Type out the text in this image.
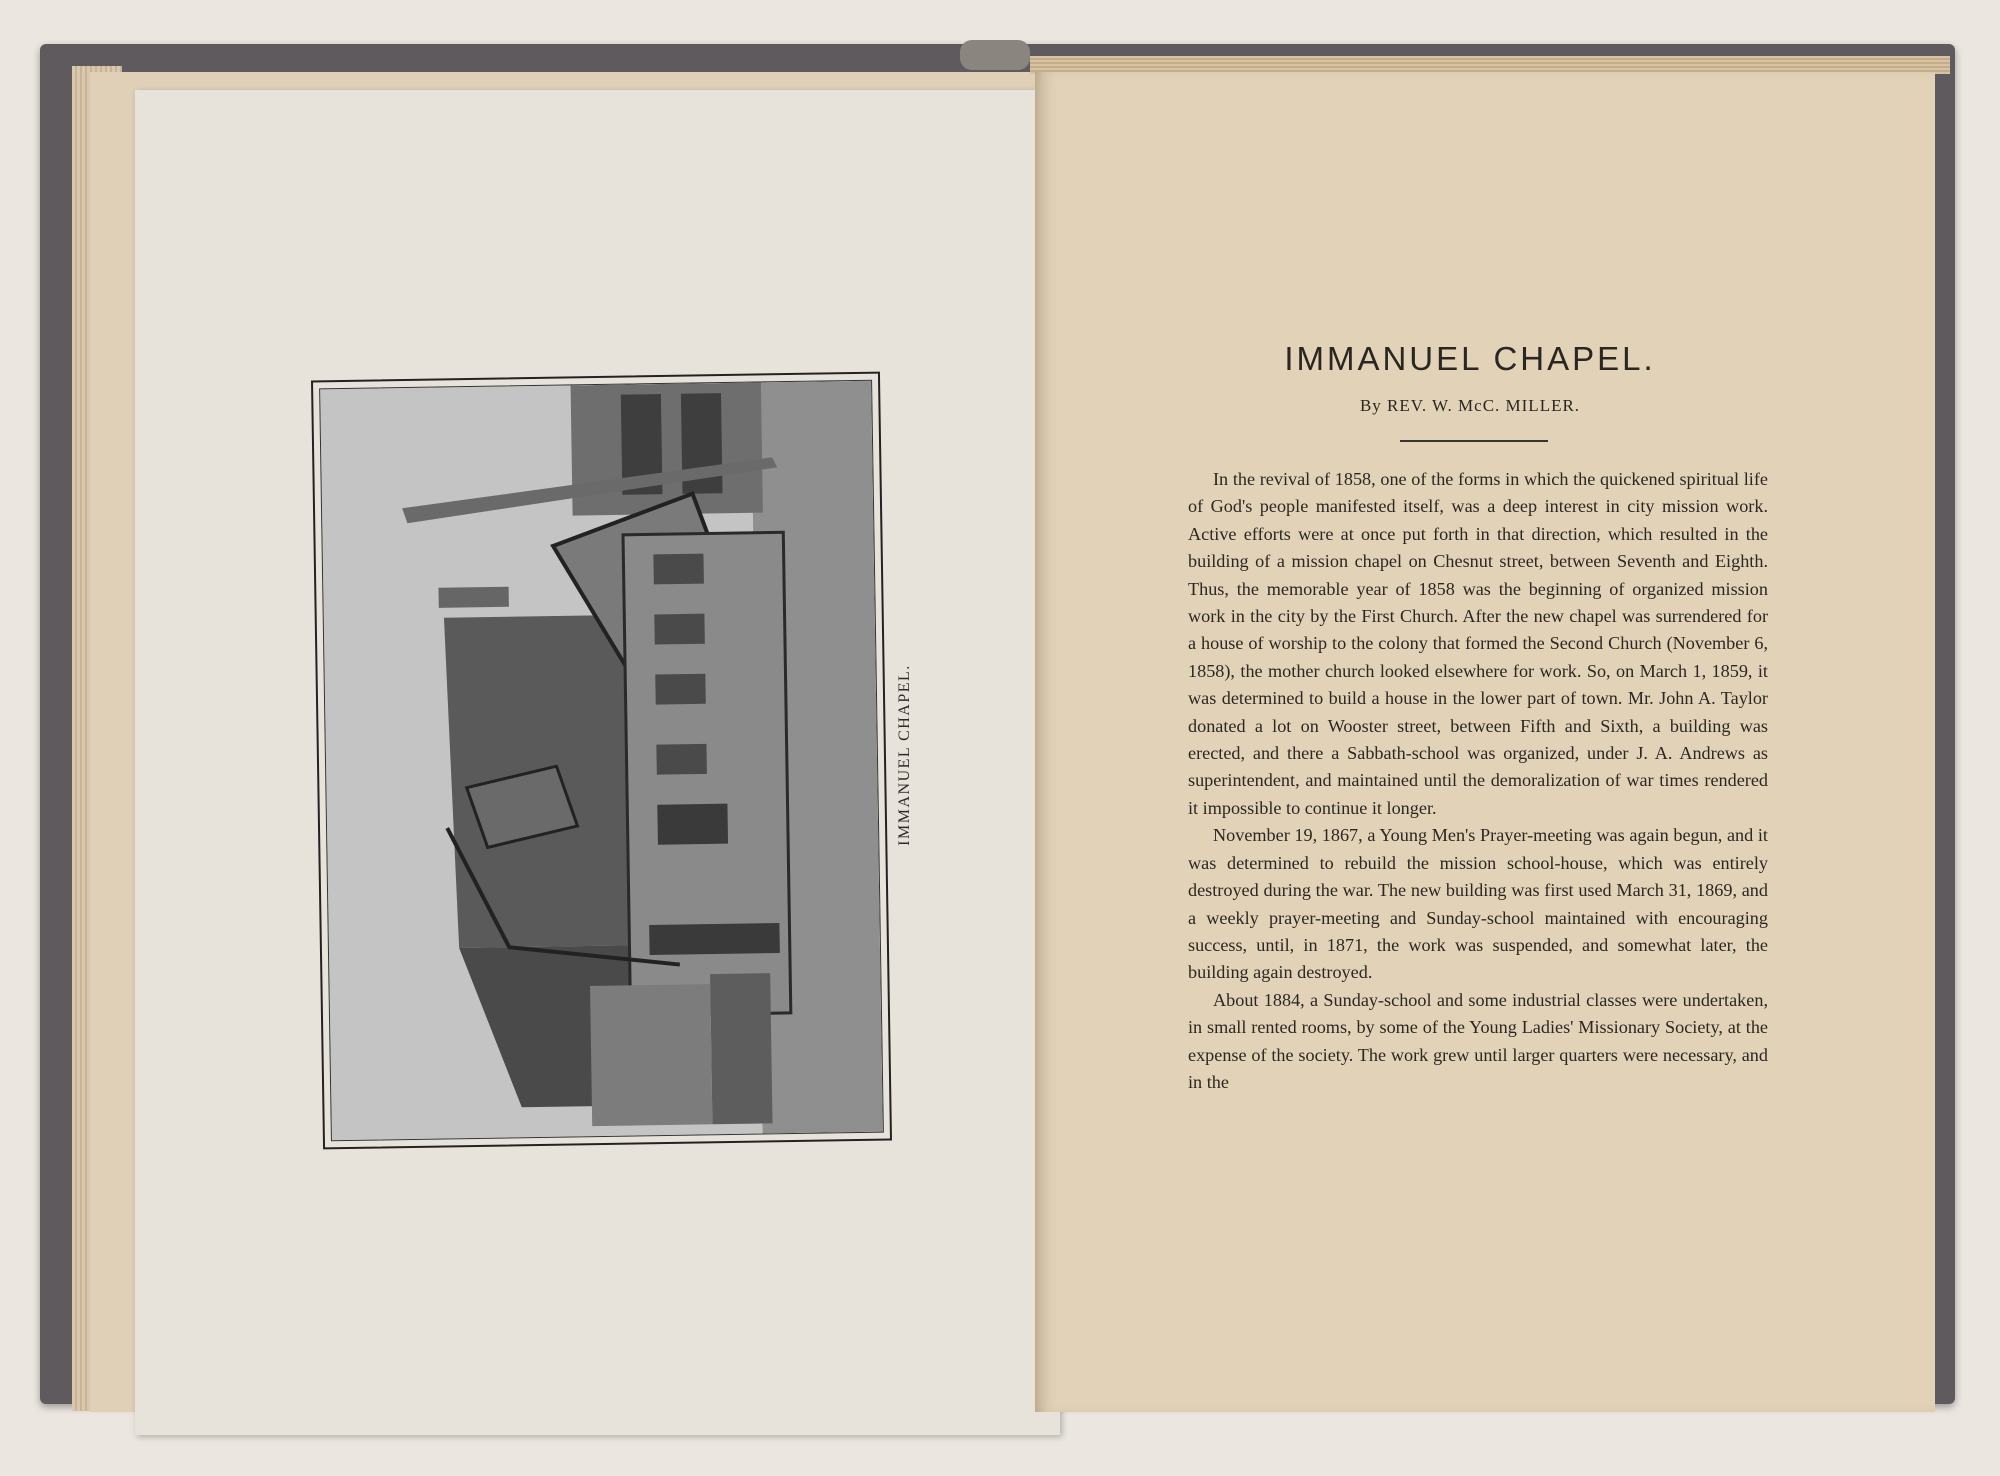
IMMANUEL CHAPEL.
IMMANUEL CHAPEL.
By REV. W. McC. MILLER.

In the revival of 1858, one of the forms in which the quickened spiritual life of God's people manifested itself, was a deep interest in city mission work. Active efforts were at once put forth in that direction, which resulted in the building of a mission chapel on Chesnut street, between Seventh and Eighth. Thus, the memorable year of 1858 was the beginning of organized mission work in the city by the First Church. After the new chapel was surrendered for a house of worship to the colony that formed the Second Church (November 6, 1858), the mother church looked elsewhere for work. So, on March 1, 1859, it was determined to build a house in the lower part of town. Mr. John A. Taylor donated a lot on Wooster street, between Fifth and Sixth, a building was erected, and there a Sabbath-school was organized, under J. A. Andrews as superintendent, and maintained until the demoralization of war times rendered it impossible to continue it longer.

November 19, 1867, a Young Men's Prayer-meeting was again begun, and it was determined to rebuild the mission school-house, which was entirely destroyed during the war. The new building was first used March 31, 1869, and a weekly prayer-meeting and Sunday-school maintained with encouraging success, until, in 1871, the work was suspended, and somewhat later, the building again destroyed.

About 1884, a Sunday-school and some industrial classes were undertaken, in small rented rooms, by some of the Young Ladies' Missionary Society, at the expense of the society. The work grew until larger quarters were necessary, and in the
